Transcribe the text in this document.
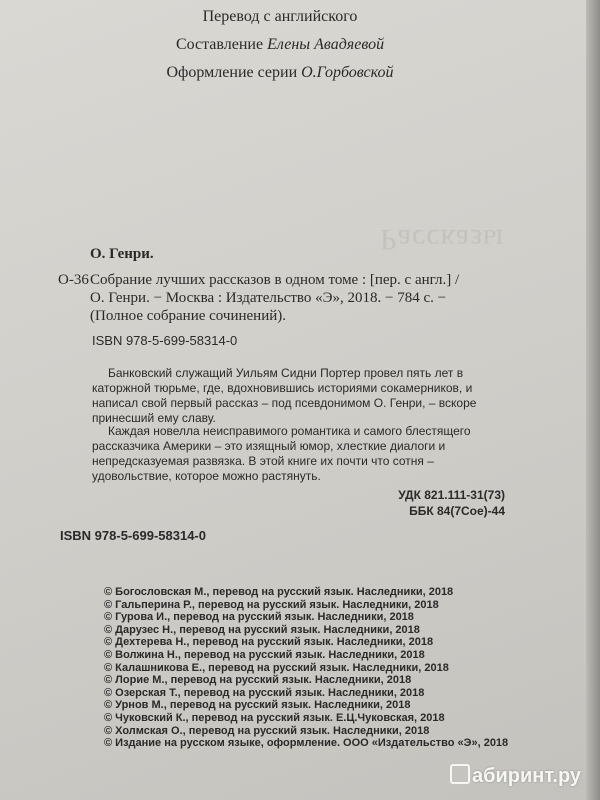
Рассказы
Перевод с английского
Составление Елены Авадяевой
Оформление серии О.Горбовской
О. Генри.
О-36 Собрание лучших рассказов в одном томе : [пер. с англ.] /
О. Генри. − Москва : Издательство «Э», 2018. − 784 с. −
(Полное собрание сочинений).
ISBN 978-5-699-58314-0

Банковский служащий Уильям Сидни Портер провел пять лет в каторжной тюрьме, где, вдохновившись историями сокамерников, и написал свой первый рассказ – под псевдонимом О. Генри, – вскоре принесший ему славу.

Каждая новелла неисправимого романтика и самого блестящего рассказчика Америки – это изящный юмор, хлесткие диалоги и непредсказуемая развязка. В этой книге их почти что сотня – удовольствие, которое можно растянуть.

УДК 821.111-31(73)
ББК 84(7Сое)-44
ISBN 978-5-699-58314-0
© Богословская М., перевод на русский язык. Наследники, 2018
© Гальперина Р., перевод на русский язык. Наследники, 2018
© Гурова И., перевод на русский язык. Наследники, 2018
© Дарузес Н., перевод на русский язык. Наследники, 2018
© Дехтерева Н., перевод на русский язык. Наследники, 2018
© Волжина Н., перевод на русский язык. Наследники, 2018
© Калашникова Е., перевод на русский язык. Наследники, 2018
© Лорие М., перевод на русский язык. Наследники, 2018
© Озерская Т., перевод на русский язык. Наследники, 2018
© Урнов М., перевод на русский язык. Наследники, 2018
© Чуковский К., перевод на русский язык. Е.Ц.Чуковская, 2018
© Холмская О., перевод на русский язык. Наследники, 2018
© Издание на русском языке, оформление. ООО «Издательство «Э», 2018
абиринт.ру
